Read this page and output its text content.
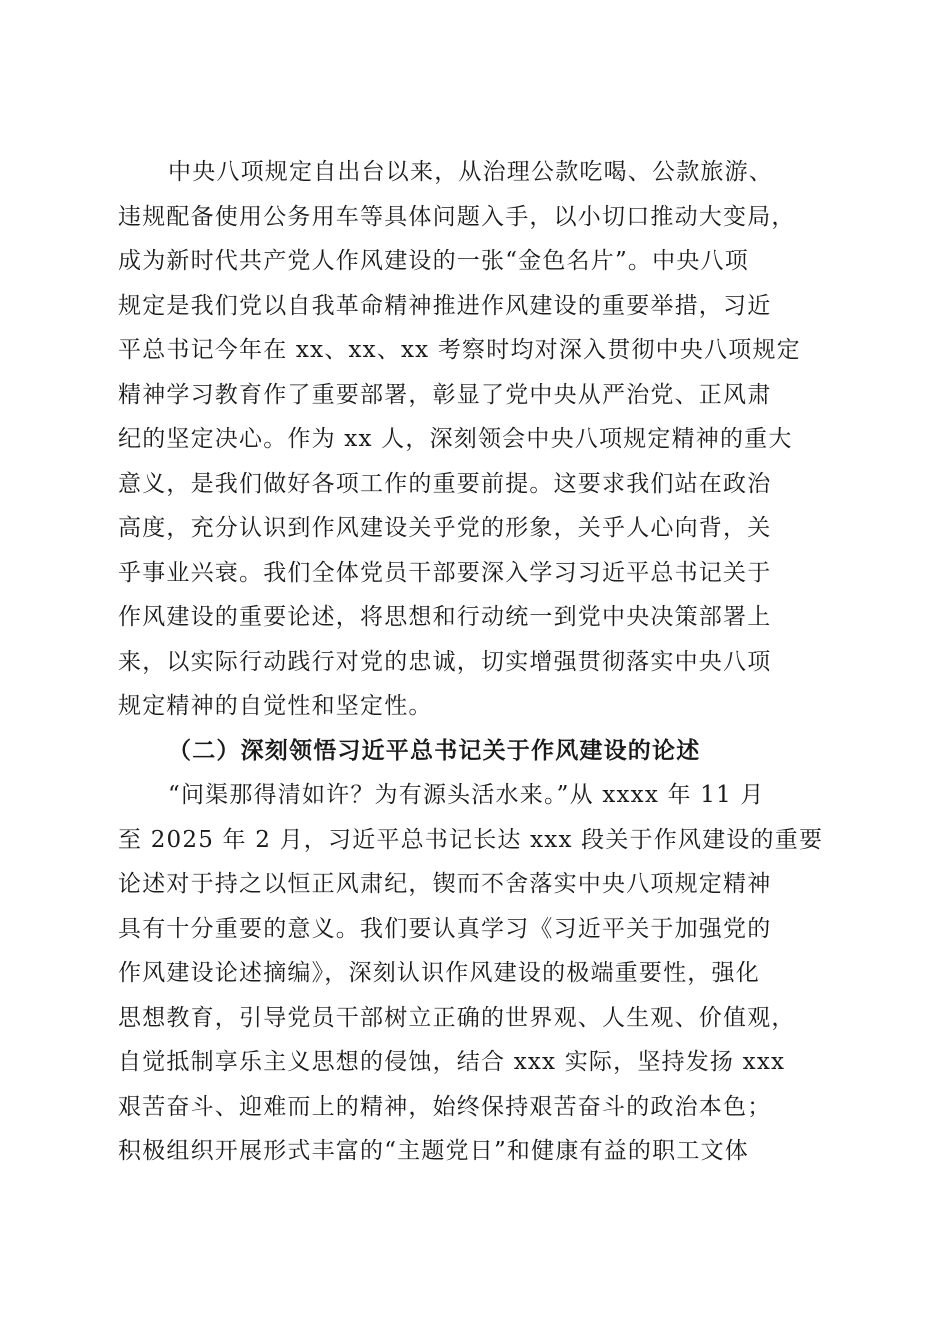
中央八项规定自出台以来，从治理公款吃喝、公款旅游、
违规配备使用公务用车等具体问题入手，以小切口推动大变局，
成为新时代共产党人作风建设的一张“金色名片”。中央八项
规定是我们党以自我革命精神推进作风建设的重要举措，习近
平总书记今年在 xx、xx、xx 考察时均对深入贯彻中央八项规定
精神学习教育作了重要部署，彰显了党中央从严治党、正风肃
纪的坚定决心。作为 xx 人，深刻领会中央八项规定精神的重大
意义，是我们做好各项工作的重要前提。这要求我们站在政治
高度，充分认识到作风建设关乎党的形象，关乎人心向背，关
乎事业兴衰。我们全体党员干部要深入学习习近平总书记关于
作风建设的重要论述，将思想和行动统一到党中央决策部署上
来，以实际行动践行对党的忠诚，切实增强贯彻落实中央八项
规定精神的自觉性和坚定性。
（二）深刻领悟习近平总书记关于作风建设的论述
“问渠那得清如许？为有源头活水来。”从 xxxx 年 11 月
至 2025 年 2 月，习近平总书记长达 xxx 段关于作风建设的重要
论述对于持之以恒正风肃纪，锲而不舍落实中央八项规定精神
具有十分重要的意义。我们要认真学习《习近平关于加强党的
作风建设论述摘编》，深刻认识作风建设的极端重要性，强化
思想教育，引导党员干部树立正确的世界观、人生观、价值观，
自觉抵制享乐主义思想的侵蚀，结合 xxx 实际，坚持发扬 xxx
艰苦奋斗、迎难而上的精神，始终保持艰苦奋斗的政治本色；
积极组织开展形式丰富的“主题党日”和健康有益的职工文体
